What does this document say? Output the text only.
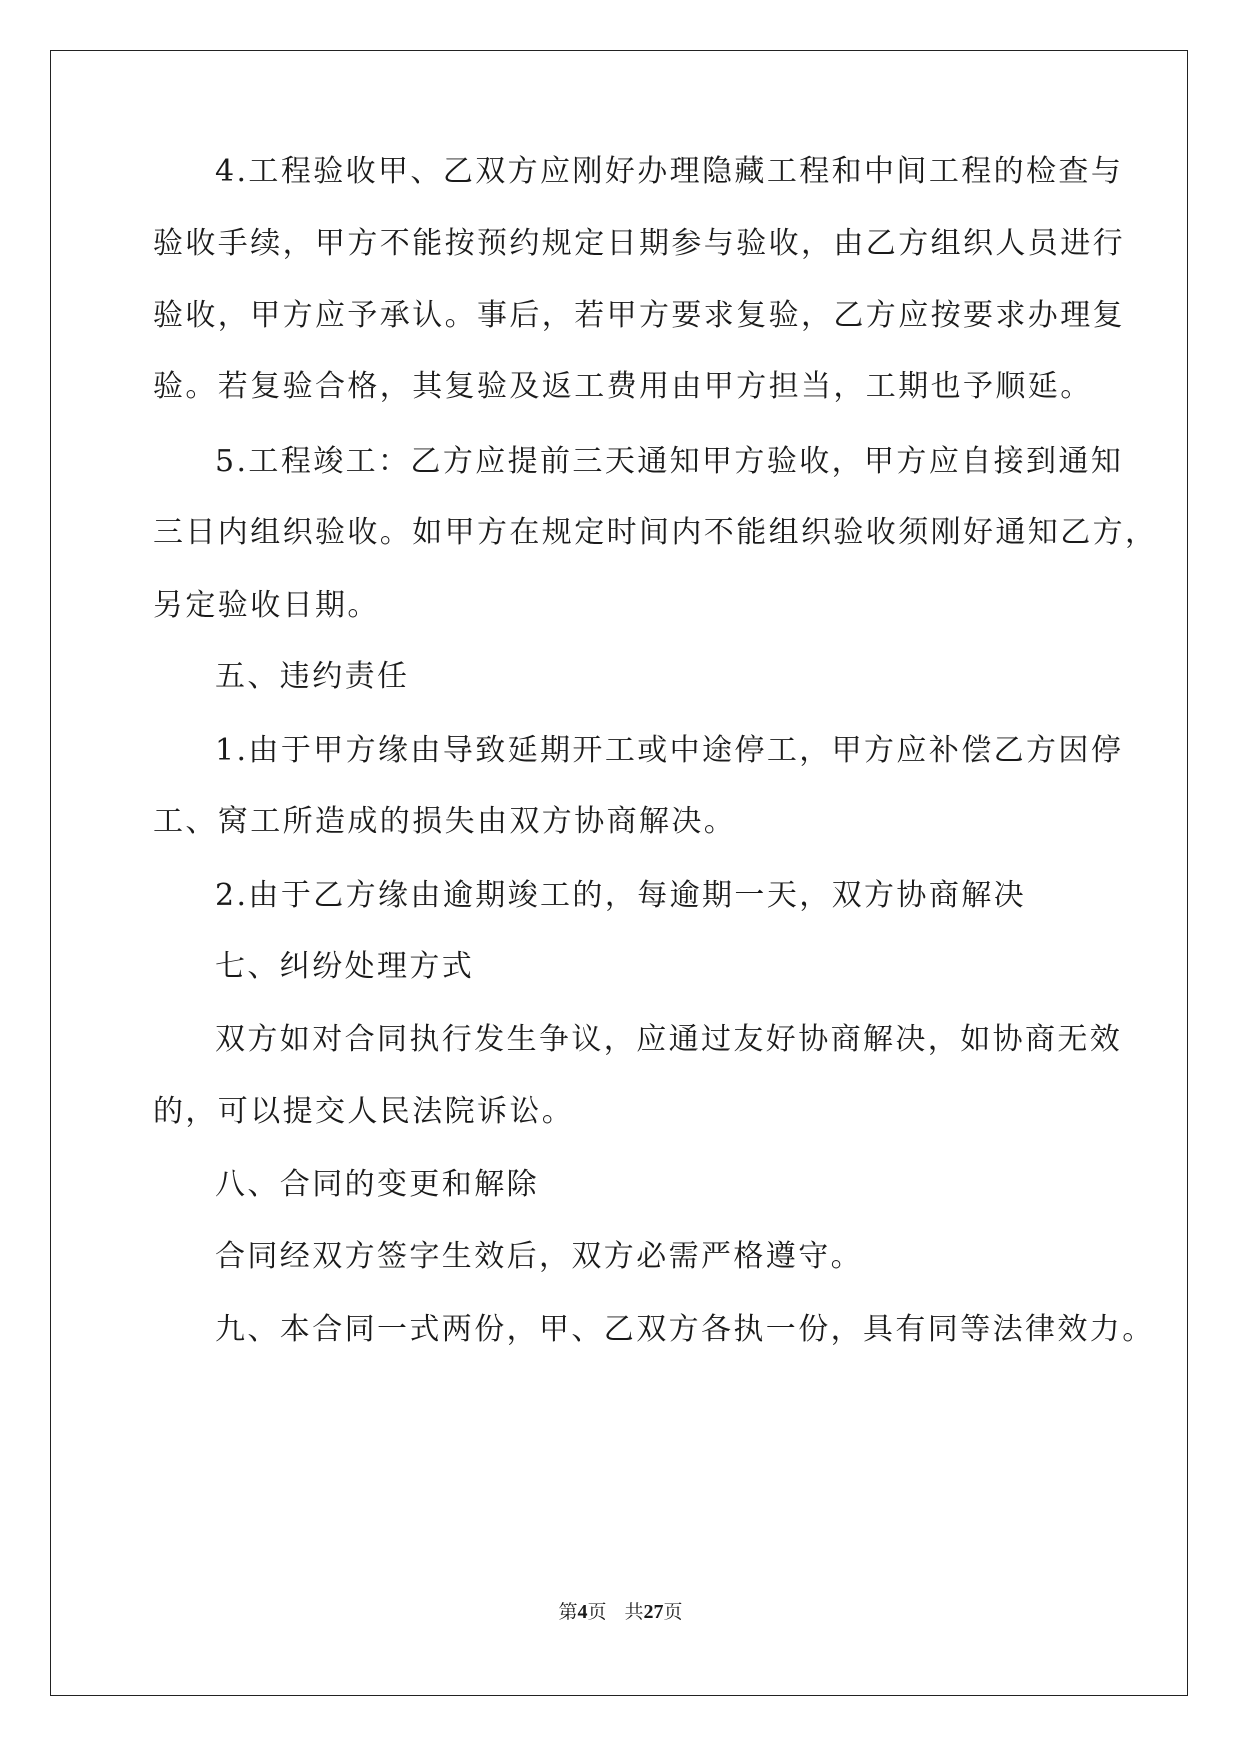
4.工程验收甲、乙双方应刚好办理隐藏工程和中间工程的检查与
验收手续，甲方不能按预约规定日期参与验收，由乙方组织人员进行
验收，甲方应予承认。事后，若甲方要求复验，乙方应按要求办理复
验。若复验合格，其复验及返工费用由甲方担当，工期也予顺延。
5.工程竣工：乙方应提前三天通知甲方验收，甲方应自接到通知
三日内组织验收。如甲方在规定时间内不能组织验收须刚好通知乙方，
另定验收日期。
五、违约责任
1.由于甲方缘由导致延期开工或中途停工，甲方应补偿乙方因停
工、窝工所造成的损失由双方协商解决。
2.由于乙方缘由逾期竣工的，每逾期一天，双方协商解决
七、纠纷处理方式
双方如对合同执行发生争议，应通过友好协商解决，如协商无效
的，可以提交人民法院诉讼。
八、合同的变更和解除
合同经双方签字生效后，双方必需严格遵守。
九、本合同一式两份，甲、乙双方各执一份，具有同等法律效力。
第4页 共27页
